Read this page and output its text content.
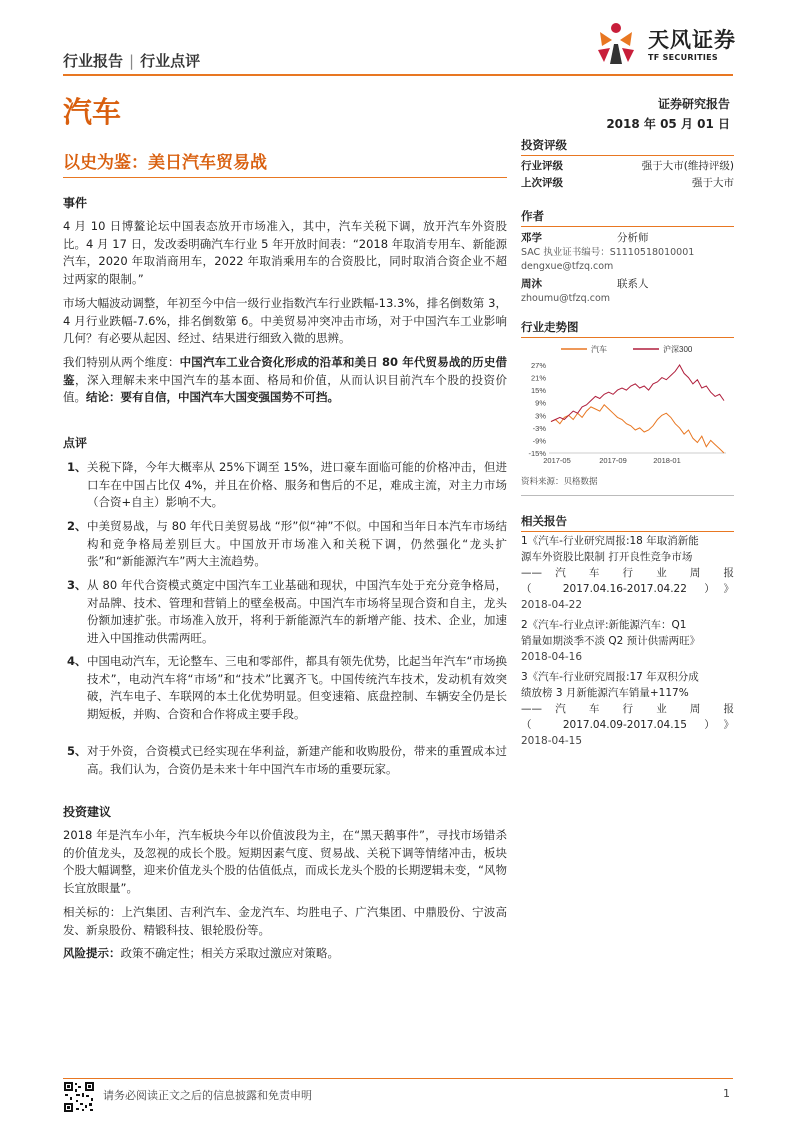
行业报告 | 行业点评
天风证券
TF SECURITIES
汽车	证券研究报告
2018 年 05 月 01 日
以史为鉴：美日汽车贸易战
事件
4 月 10 日博鳌论坛中国表态放开市场准入，其中，汽车关税下调，放开汽车外资股比。4 月 17 日，发改委明确汽车行业 5 年开放时间表：“2018 年取消专用车、新能源汽车，2020 年取消商用车，2022 年取消乘用车的合资股比，同时取消合资企业不超过两家的限制。”
市场大幅波动调整，年初至今中信一级行业指数汽车行业跌幅-13.3%，排名倒数第 3，4 月行业跌幅-7.6%，排名倒数第 6。中美贸易冲突冲击市场，对于中国汽车工业影响几何？有必要从起因、经过、结果进行细致入微的思辨。
我们特别从两个维度：中国汽车工业合资化形成的沿革和美日 80 年代贸易战的历史借鉴，深入理解未来中国汽车的基本面、格局和价值，从而认识目前汽车个股的投资价值。结论：要有自信，中国汽车大国变强国势不可挡。
点评
1、 关税下降，今年大概率从 25%下调至 15%，进口豪车面临可能的价格冲击，但进口车在中国占比仅 4%，并且在价格、服务和售后的不足，难成主流，对主力市场（合资+自主）影响不大。
2、 中美贸易战，与 80 年代日美贸易战 “形”似“神”不似。中国和当年日本汽车市场结构和竞争格局差别巨大。中国放开市场准入和关税下调，仍然强化“龙头扩张”和“新能源汽车”两大主流趋势。
3、 从 80 年代合资模式奠定中国汽车工业基础和现状，中国汽车处于充分竞争格局，对品牌、技术、管理和营销上的壁垒极高。中国汽车市场将呈现合资和自主，龙头份额加速扩张。市场准入放开，将利于新能源汽车的新增产能、技术、企业，加速进入中国推动供需两旺。
4、 中国电动汽车，无论整车、三电和零部件，都具有领先优势，比起当年汽车“市场换技术”，电动汽车将“市场”和“技术”比翼齐飞。中国传统汽车技术，发动机有效突破，汽车电子、车联网的本土化优势明显。但变速箱、底盘控制、车辆安全仍是长期短板，并购、合资和合作将成主要手段。
5、 对于外资，合资模式已经实现在华利益，新建产能和收购股份，带来的重置成本过高。我们认为，合资仍是未来十年中国汽车市场的重要玩家。
投资建议
2018 年是汽车小年，汽车板块今年以价值波段为主，在“黑天鹅事件”，寻找市场错杀的价值龙头，及忽视的成长个股。短期因素气度、贸易战、关税下调等情绪冲击，板块个股大幅调整，迎来价值龙头个股的估值低点，而成长龙头个股的长期逻辑未变，“风物长宜放眼量”。
相关标的：上汽集团、吉利汽车、金龙汽车、均胜电子、广汽集团、中鼎股份、宁波高发、新泉股份、精锻科技、银轮股份等。
风险提示：政策不确定性；相关方采取过激应对策略。
投资评级
行业评级	强于大市(维持评级)
上次评级	强于大市
作者
邓学	分析师
SAC 执业证书编号：S1110518010001
dengxue@tfzq.com
周沐	联系人
zhoumu@tfzq.com
行业走势图
汽车	沪深300
27%
21%
15%
9%
3%
-3%
-9%
-15%
2017-05	2017-09	2018-01
资料来源：贝格数据
相关报告
1《汽车-行业研究周报:18 年取消新能
源车外资股比限制 打开良性竞争市场
—— 汽 车 行 业 周 报
（ 2017.04.16-2017.04.22 ）》
2018-04-22
2《汽车-行业点评:新能源汽车：Q1
销量如期淡季不淡 Q2 预计供需两旺》
2018-04-16
3《汽车-行业研究周报:17 年双积分成
绩放榜 3 月新能源汽车销量+117%
—— 汽 车 行 业 周 报
（ 2017.04.09-2017.04.15 ）》
2018-04-15
请务必阅读正文之后的信息披露和免责申明	1
